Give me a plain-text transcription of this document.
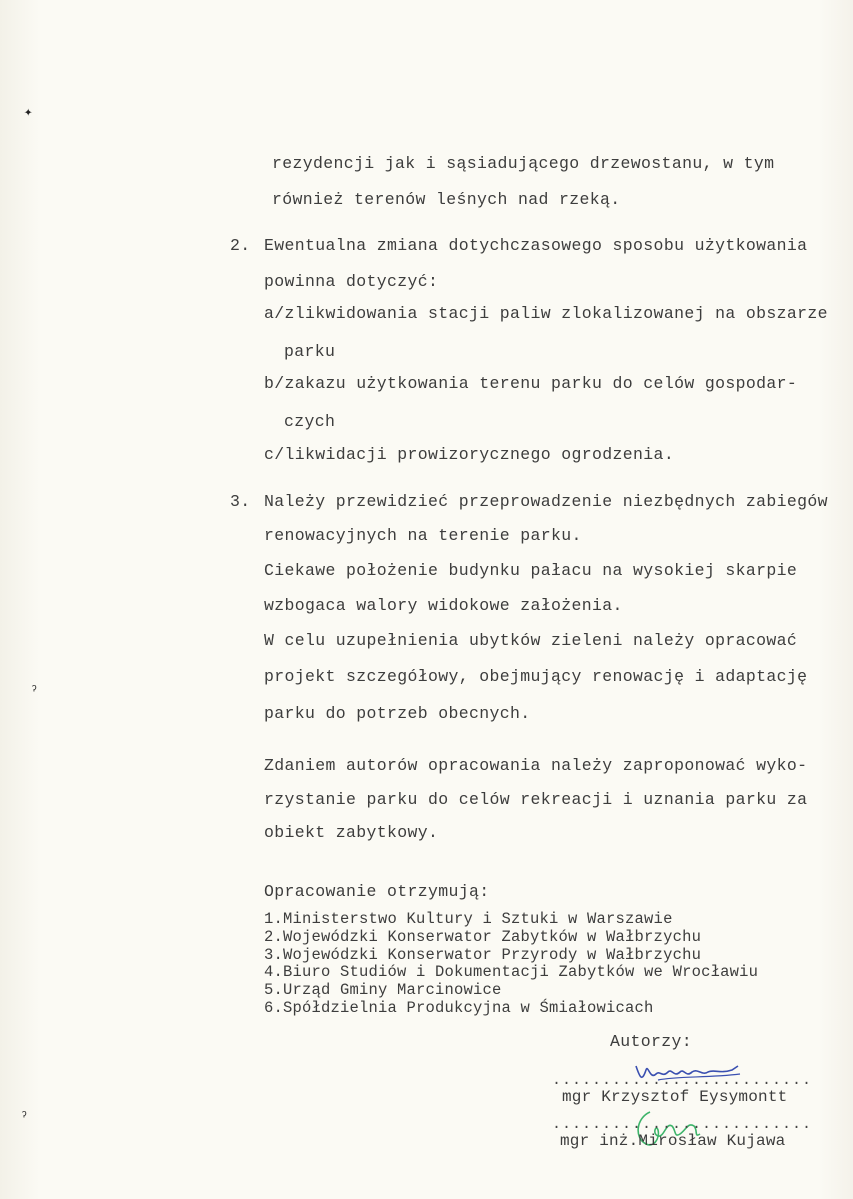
✦
ˀ
ˀ
rezydencji jak i sąsiadującego drzewostanu, w tym
również terenów leśnych nad rzeką.
2. Ewentualna zmiana dotychczasowego sposobu użytkowania
powinna dotyczyć:
a/zlikwidowania stacji paliw zlokalizowanej na obszarze
parku
b/zakazu użytkowania terenu parku do celów gospodar-
czych
c/likwidacji prowizorycznego ogrodzenia.
3. Należy przewidzieć przeprowadzenie niezbędnych zabiegów
renowacyjnych na terenie parku.
Ciekawe położenie budynku pałacu na wysokiej skarpie
wzbogaca walory widokowe założenia.
W celu uzupełnienia ubytków zieleni należy opracować
projekt szczegółowy, obejmujący renowację i adaptację
parku do potrzeb obecnych.
Zdaniem autorów opracowania należy zaproponować wyko-
rzystanie parku do celów rekreacji i uznania parku za
obiekt zabytkowy.
Opracowanie otrzymują:
1.Ministerstwo Kultury i Sztuki w Warszawie
2.Wojewódzki Konserwator Zabytków w Wałbrzychu
3.Wojewódzki Konserwator Przyrody w Wałbrzychu
4.Biuro Studiów i Dokumentacji Zabytków we Wrocławiu
5.Urząd Gminy Marcinowice
6.Spółdzielnia Produkcyjna w Śmiałowicach
Autorzy:
..........................
mgr Krzysztof Eysymontt
..........................
mgr inż.Mirosław Kujawa
